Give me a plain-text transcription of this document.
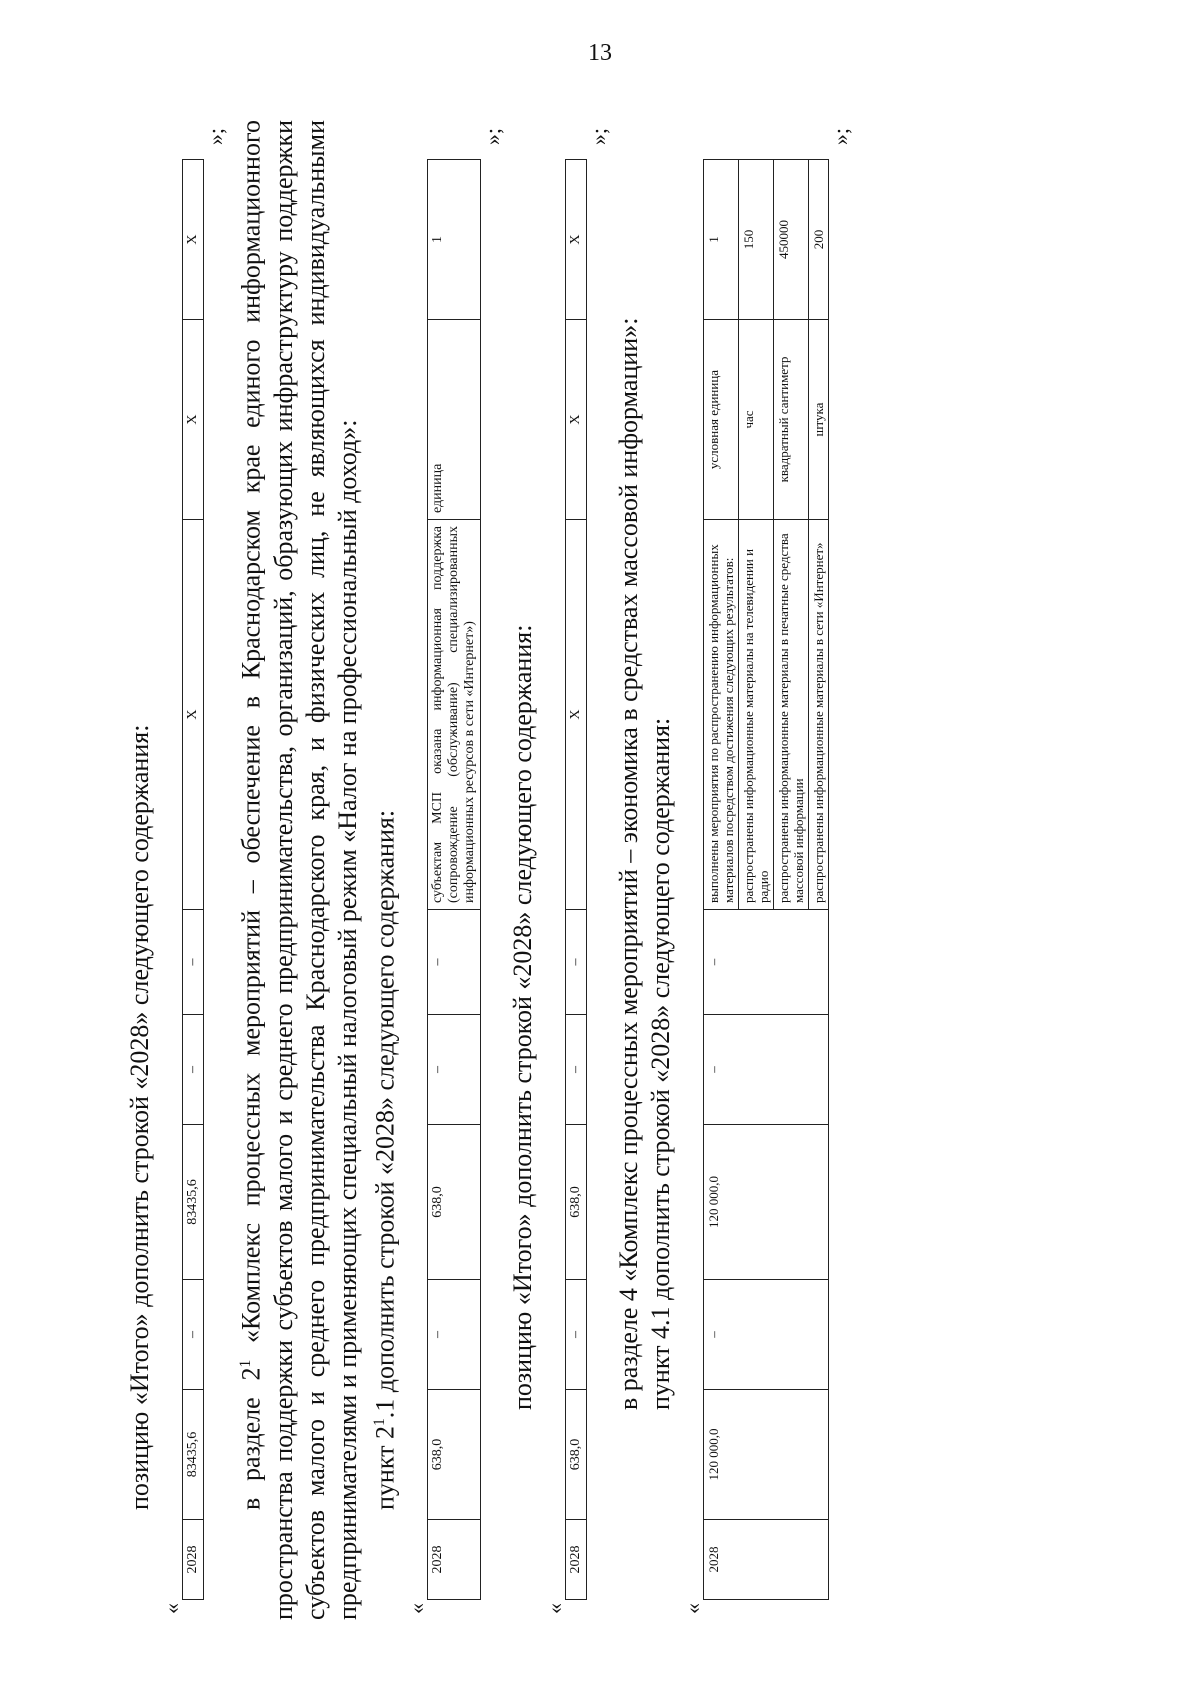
13

позицию «Итого» дополнить строкой «2028» следующего содержания:

«
2028	83435,6	–	83435,6	–	–	Х	Х	Х
»;

в разделе $2^1$ «Комплекс процессных мероприятий – обеспечение в Краснодарском крае единого информационного пространства поддержки субъектов малого и среднего предпринимательства, организаций, образующих инфраструктуру поддержки субъектов малого и среднего предпринимательства Краснодарского края, и физических лиц, не являющихся индивидуальными предпринимателями и применяющих специальный налоговый режим «Налог на профессиональный доход»: пункт $2^1.1$ дополнить строкой «2028» следующего содержания:

«
2028	638,0	–	638,0	–	–	субъектам МСП оказана информационная поддержка (сопровождение (обслуживание) специализированных информационных ресурсов в сети «Интернет»)	единица	1
»;

позицию «Итого» дополнить строкой «2028» следующего содержания:

«
2028	638,0	–	638,0	–	–	Х	Х	Х
»;

в разделе 4 «Комплекс процессных мероприятий – экономика в средствах массовой информации»: пункт 4.1 дополнить строкой «2028» следующего содержания:

«
2028	120 000,0	–	120 000,0	–	–	выполнены мероприятия по распространению информационных материалов посредством достижения следующих результатов:	условная единица	1
						распространены информационные материалы на телевидении и радио	час	150
						распространены информационные материалы в печатные средства массовой информации	квадратный сантиметр	450000
						распространены информационные материалы в сети «Интернет»	штука	200
»;
